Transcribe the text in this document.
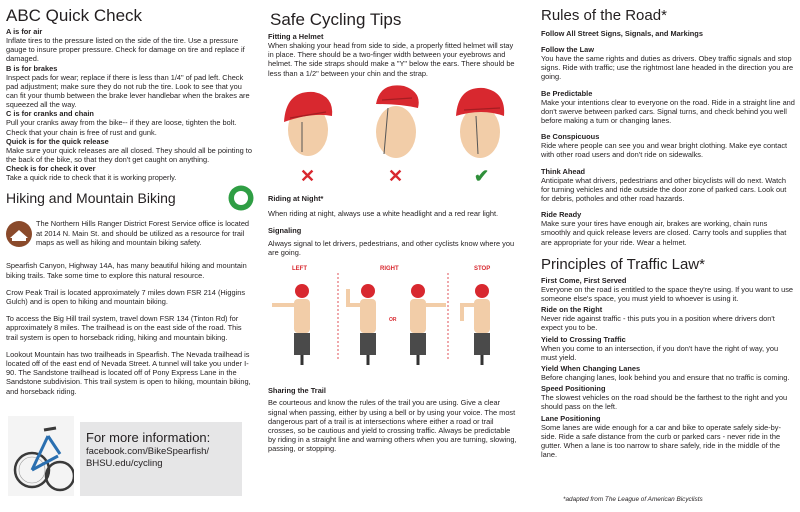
ABC Quick Check
A is for air
Inflate tires to the pressure listed on the side of the tire. Use a pressure gauge to insure proper pressure. Check for damage on tire and replace if damaged.
B is for brakes
Inspect pads for wear; replace if there is less than 1/4" of pad left. Check pad adjustment; make sure they do not rub the tire. Look to see that you can fit your thumb between the brake lever handlebar when the brakes are squeezed all the way.
C is for cranks and chain
Pull your cranks away from the bike-- if they are loose, tighten the bolt. Check that your chain is free of rust and gunk.
Quick is for the quick release
Make sure your quick releases are all closed. They should all be pointing to the back of the bike, so that they don't get caught on anything.
Check is for check it over
Take a quick ride to check that it is working properly.
Hiking and Mountain Biking
The Northern Hills Ranger District Forest Service office is located at 2014 N. Main St. and should be utilized as a resource for trail maps as well as hiking and mountain biking safety.
Spearfish Canyon, Highway 14A, has many beautiful hiking and mountain biking trails. Take some time to explore this natural resource.
Crow Peak Trail is located approximately 7 miles down FSR 214 (Higgins Gulch) and is open to hiking and mountain biking.
To access the Big Hill trail system, travel down FSR 134 (Tinton Rd) for approximately 8 miles. The trailhead is on the east side of the road. This trail system is open to horseback riding, hiking and mountain biking.
Lookout Mountain has two trailheads in Spearfish. The Nevada trailhead is located off of the east end of Nevada Street. A tunnel will take you under I-90. The Sandstone trailhead is located off of Pony Express Lane in the Sandstone subdivision. This trail system is open to hiking, mountain biking, and horseback riding.
For more information:
facebook.com/BikeSpearfish/
BHSU.edu/cycling
Safe Cycling Tips
Fitting a Helmet
When shaking your head from side to side, a properly fitted helmet will stay in place. There should be a two-finger width between your eyebrows and helmet. The side straps should make a "Y" below the ears. There should be less than a 1/2" between your chin and the strap.
✕	✕	✔
Riding at Night*
When riding at night, always use a white headlight and a red rear light.
Signaling
Always signal to let drivers, pedestrians, and other cyclists know where you are going.
LEFT	RIGHT
OR
STOP
Sharing the Trail
Be courteous and know the rules of the trail you are using. Give a clear signal when passing, either by using a bell or by using your voice. The most dangerous part of a trail is at intersections where either a road or trail crosses, so be cautious and yield to crossing traffic. Always be predictable by riding in a straight line and warning others when you are turning, slowing, passing, or stopping.
Rules of the Road*
Follow All Street Signs, Signals, and Markings
Follow the Law
You have the same rights and duties as drivers. Obey traffic signals and stop signs. Ride with traffic; use the rightmost lane headed in the direction you are going.
Be Predictable
Make your intentions clear to everyone on the road. Ride in a straight line and don't swerve between parked cars. Signal turns, and check behind you well before making a turn or changing lanes.
Be Conspicuous
Ride where people can see you and wear bright clothing. Make eye contact with other road users and don't ride on sidewalks.
Think Ahead
Anticipate what drivers, pedestrians and other bicyclists will do next. Watch for turning vehicles and ride outside the door zone of parked cars. Look out for debris, potholes and other road hazards.
Ride Ready
Make sure your tires have enough air, brakes are working, chain runs smoothly and quick release levers are closed. Carry tools and supplies that are appropriate for your ride. Wear a helmet.
Principles of Traffic Law*
First Come, First Served
Everyone on the road is entitled to the space they're using. If you want to use someone else's space, you must yield to whoever is using it.
Ride on the Right
Never ride against traffic - this puts you in a position where drivers don't expect you to be.
Yield to Crossing Traffic
When you come to an intersection, if you don't have the right of way, you must yield.
Yield When Changing Lanes
Before changing lanes, look behind you and ensure that no traffic is coming.
Speed Positioning
The slowest vehicles on the road should be the farthest to the right and you should pass on the left.
Lane Positioning
Some lanes are wide enough for a car and bike to operate safely side-by-side. Ride a safe distance from the curb or parked cars - never ride in the gutter. When a lane is too narrow to share safely, ride in the middle of the lane.
*adapted from The League of American Bicyclists
